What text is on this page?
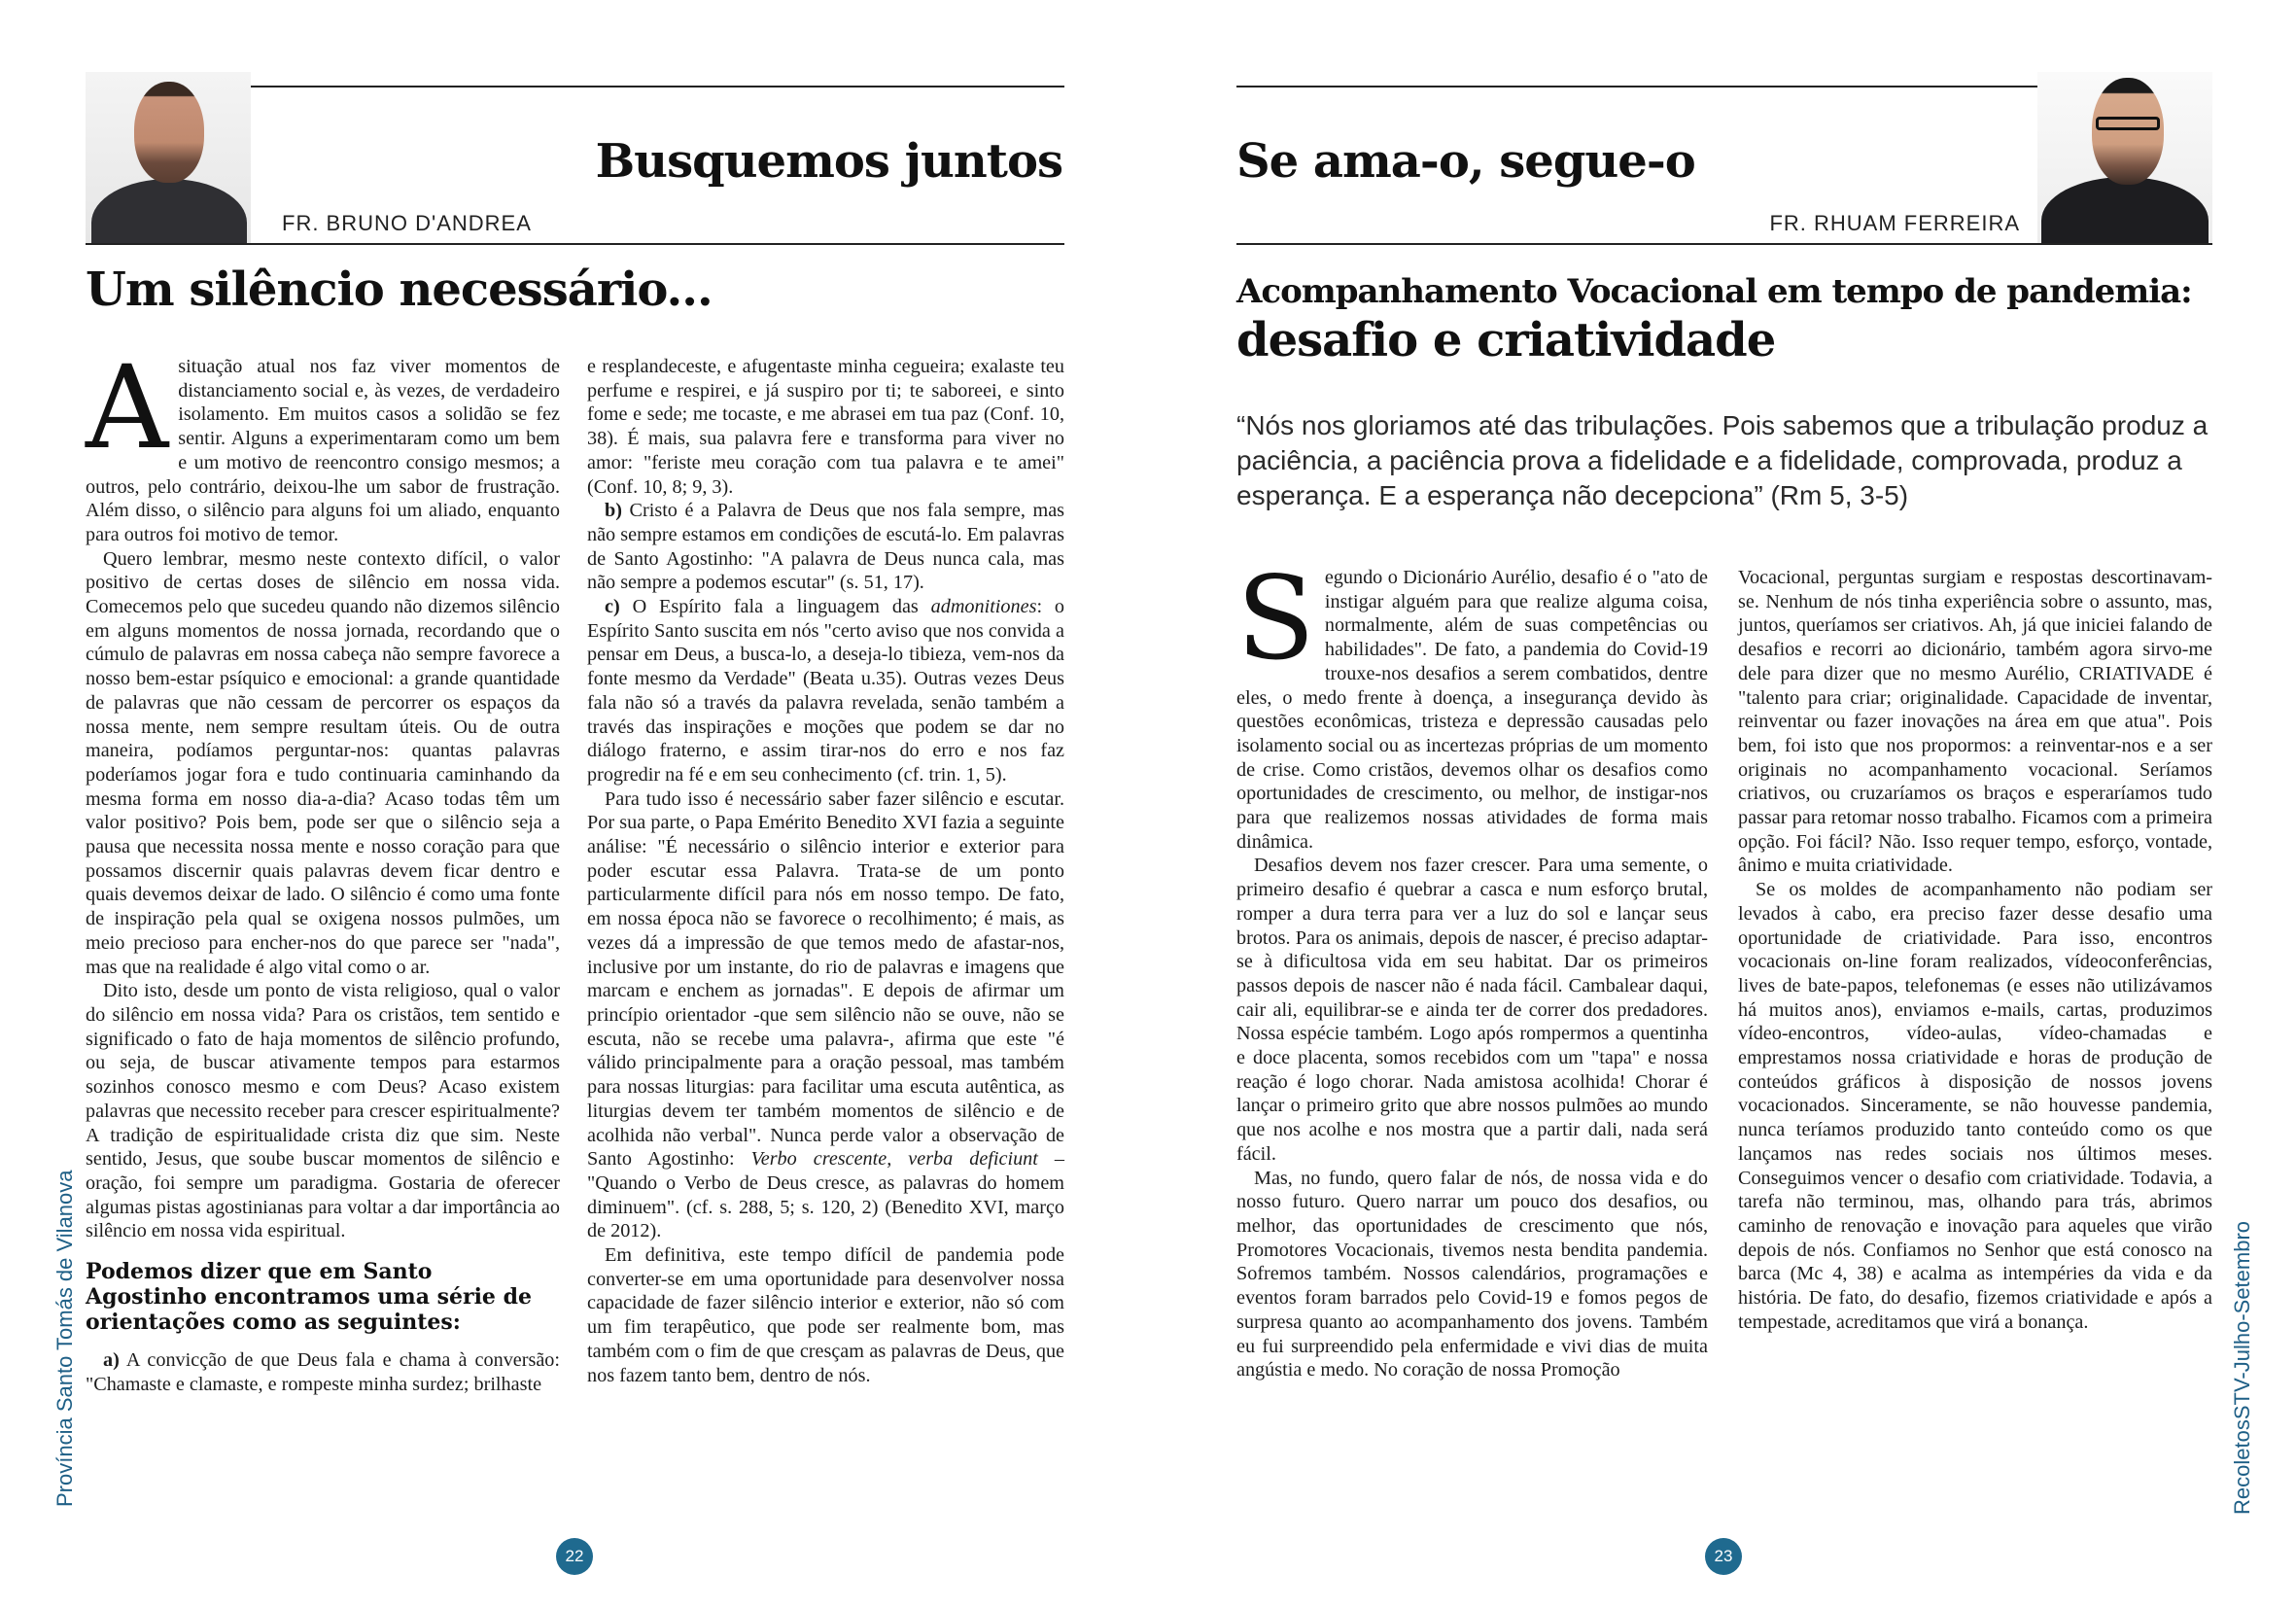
Busquemos juntos
FR. BRUNO D'ANDREA
Um silêncio necessário...

Asituação atual nos faz viver momentos de distanciamento social e, às vezes, de verdadeiro isolamento. Em muitos casos a solidão se fez sentir. Alguns a experimentaram como um bem e um motivo de reencontro consigo mesmos; a outros, pelo contrário, deixou-lhe um sabor de frustração. Além disso, o silêncio para alguns foi um aliado, enquanto para outros foi motivo de temor.

Quero lembrar, mesmo neste contexto difícil, o valor positivo de certas doses de silêncio em nossa vida. Comecemos pelo que sucedeu quando não dizemos silêncio em alguns momentos de nossa jornada, recordando que o cúmulo de palavras em nossa cabeça não sempre favorece a nosso bem-estar psíquico e emocional: a grande quantidade de palavras que não cessam de percorrer os espaços da nossa mente, nem sempre resultam úteis. Ou de outra maneira, podíamos perguntar-nos: quantas palavras poderíamos jogar fora e tudo continuaria caminhando da mesma forma em nosso dia-a-dia? Acaso todas têm um valor positivo? Pois bem, pode ser que o silêncio seja a pausa que necessita nossa mente e nosso coração para que possamos discernir quais palavras devem ficar dentro e quais devemos deixar de lado. O silêncio é como uma fonte de inspiração pela qual se oxigena nossos pulmões, um meio precioso para encher-nos do que parece ser "nada", mas que na realidade é algo vital como o ar.

Dito isto, desde um ponto de vista religioso, qual o valor do silêncio em nossa vida? Para os cristãos, tem sentido e significado o fato de haja momentos de silêncio profundo, ou seja, de buscar ativamente tempos para estarmos sozinhos conosco mesmo e com Deus? Acaso existem palavras que necessito receber para crescer espiritualmente? A tradição de espiritualidade crista diz que sim. Neste sentido, Jesus, que soube buscar momentos de silêncio e oração, foi sempre um paradigma. Gostaria de oferecer algumas pistas agostinianas para voltar a dar importância ao silêncio em nossa vida espiritual.

Podemos dizer que em Santo Agostinho encontramos uma série de orientações como as seguintes:

a) A convicção de que Deus fala e chama à conversão: "Chamaste e clamaste, e rompeste minha surdez; brilhaste

e resplandeceste, e afugentaste minha cegueira; exalaste teu perfume e respirei, e já suspiro por ti; te saboreei, e sinto fome e sede; me tocaste, e me abrasei em tua paz (Conf. 10, 38). É mais, sua palavra fere e transforma para viver no amor: "feriste meu coração com tua palavra e te amei" (Conf. 10, 8; 9, 3).

b) Cristo é a Palavra de Deus que nos fala sempre, mas não sempre estamos em condições de escutá-lo. Em palavras de Santo Agostinho: "A palavra de Deus nunca cala, mas não sempre a podemos escutar" (s. 51, 17).

c) O Espírito fala a linguagem das admonitiones: o Espírito Santo suscita em nós "certo aviso que nos convida a pensar em Deus, a busca-lo, a deseja-lo tibieza, vem-nos da fonte mesmo da Verdade" (Beata u.35). Outras vezes Deus fala não só a través da palavra revelada, senão também a través das inspirações e moções que podem se dar no diálogo fraterno, e assim tirar-nos do erro e nos faz progredir na fé e em seu conhecimento (cf. trin. 1, 5).

Para tudo isso é necessário saber fazer silêncio e escutar. Por sua parte, o Papa Emérito Benedito XVI fazia a seguinte análise: "É necessário o silêncio interior e exterior para poder escutar essa Palavra. Trata-se de um ponto particularmente difícil para nós em nosso tempo. De fato, em nossa época não se favorece o recolhimento; é mais, as vezes dá a impressão de que temos medo de afastar-nos, inclusive por um instante, do rio de palavras e imagens que marcam e enchem as jornadas". E depois de afirmar um princípio orientador -que sem silêncio não se ouve, não se escuta, não se recebe uma palavra-, afirma que este "é válido principalmente para a oração pessoal, mas também para nossas liturgias: para facilitar uma escuta autêntica, as liturgias devem ter também momentos de silêncio e de acolhida não verbal". Nunca perde valor a observação de Santo Agostinho: Verbo crescente, verba deficiunt – "Quando o Verbo de Deus cresce, as palavras do homem diminuem". (cf. s. 288, 5; s. 120, 2) (Benedito XVI, março de 2012).

Em definitiva, este tempo difícil de pandemia pode converter-se em uma oportunidade para desenvolver nossa capacidade de fazer silêncio interior e exterior, não só com um fim terapêutico, que pode ser realmente bom, mas também com o fim de que cresçam as palavras de Deus, que nos fazem tanto bem, dentro de nós.

Província Santo Tomás de Vilanova
22
Se ama-o, segue-o
FR. RHUAM FERREIRA
Acompanhamento Vocacional em tempo de pandemia:
desafio e criatividade
“Nós nos gloriamos até das tribulações. Pois sabemos que a tribulação produz a paciência, a paciência prova a fidelidade e a fidelidade, comprovada, produz a esperança. E a esperança não decepciona” (Rm 5, 3-5)

Segundo o Dicionário Aurélio, desafio é o "ato de instigar alguém para que realize alguma coisa, normalmente, além de suas competências ou habilidades". De fato, a pandemia do Covid-19 trouxe-nos desafios a serem combatidos, dentre eles, o medo frente à doença, a insegurança devido às questões econômicas, tristeza e depressão causadas pelo isolamento social ou as incertezas próprias de um momento de crise. Como cristãos, devemos olhar os desafios como oportunidades de crescimento, ou melhor, de instigar-nos para que realizemos nossas atividades de forma mais dinâmica.

Desafios devem nos fazer crescer. Para uma semente, o primeiro desafio é quebrar a casca e num esforço brutal, romper a dura terra para ver a luz do sol e lançar seus brotos. Para os animais, depois de nascer, é preciso adaptar-se à dificultosa vida em seu habitat. Dar os primeiros passos depois de nascer não é nada fácil. Cambalear daqui, cair ali, equilibrar-se e ainda ter de correr dos predadores. Nossa espécie também. Logo após rompermos a quentinha e doce placenta, somos recebidos com um "tapa" e nossa reação é logo chorar. Nada amistosa acolhida! Chorar é lançar o primeiro grito que abre nossos pulmões ao mundo que nos acolhe e nos mostra que a partir dali, nada será fácil.

Mas, no fundo, quero falar de nós, de nossa vida e do nosso futuro. Quero narrar um pouco dos desafios, ou melhor, das oportunidades de crescimento que nós, Promotores Vocacionais, tivemos nesta bendita pandemia. Sofremos também. Nossos calendários, programações e eventos foram barrados pelo Covid-19 e fomos pegos de surpresa quanto ao acompanhamento dos jovens. Também eu fui surpreendido pela enfermidade e vivi dias de muita angústia e medo. No coração de nossa Promoção

Vocacional, perguntas surgiam e respostas descortinavam-se. Nenhum de nós tinha experiência sobre o assunto, mas, juntos, queríamos ser criativos. Ah, já que iniciei falando de desafios e recorri ao dicionário, também agora sirvo-me dele para dizer que no mesmo Aurélio, CRIATIVADE é "talento para criar; originalidade. Capacidade de inventar, reinventar ou fazer inovações na área em que atua". Pois bem, foi isto que nos propormos: a reinventar-nos e a ser originais no acompanhamento vocacional. Seríamos criativos, ou cruzaríamos os braços e esperaríamos tudo passar para retomar nosso trabalho. Ficamos com a primeira opção. Foi fácil? Não. Isso requer tempo, esforço, vontade, ânimo e muita criatividade.

Se os moldes de acompanhamento não podiam ser levados à cabo, era preciso fazer desse desafio uma oportunidade de criatividade. Para isso, encontros vocacionais on-line foram realizados, vídeoconferências, lives de bate-papos, telefonemas (e esses não utilizávamos há muitos anos), enviamos e-mails, cartas, produzimos vídeo-encontros, vídeo-aulas, vídeo-chamadas e emprestamos nossa criatividade e horas de produção de conteúdos gráficos à disposição de nossos jovens vocacionados. Sinceramente, se não houvesse pandemia, nunca teríamos produzido tanto conteúdo como os que lançamos nas redes sociais nos últimos meses. Conseguimos vencer o desafio com criatividade. Todavia, a tarefa não terminou, mas, olhando para trás, abrimos caminho de renovação e inovação para aqueles que virão depois de nós. Confiamos no Senhor que está conosco na barca (Mc 4, 38) e acalma as intempéries da vida e da história. De fato, do desafio, fizemos criatividade e após a tempestade, acreditamos que virá a bonança.	RecoletosSTV-Julho-Setembro
23
